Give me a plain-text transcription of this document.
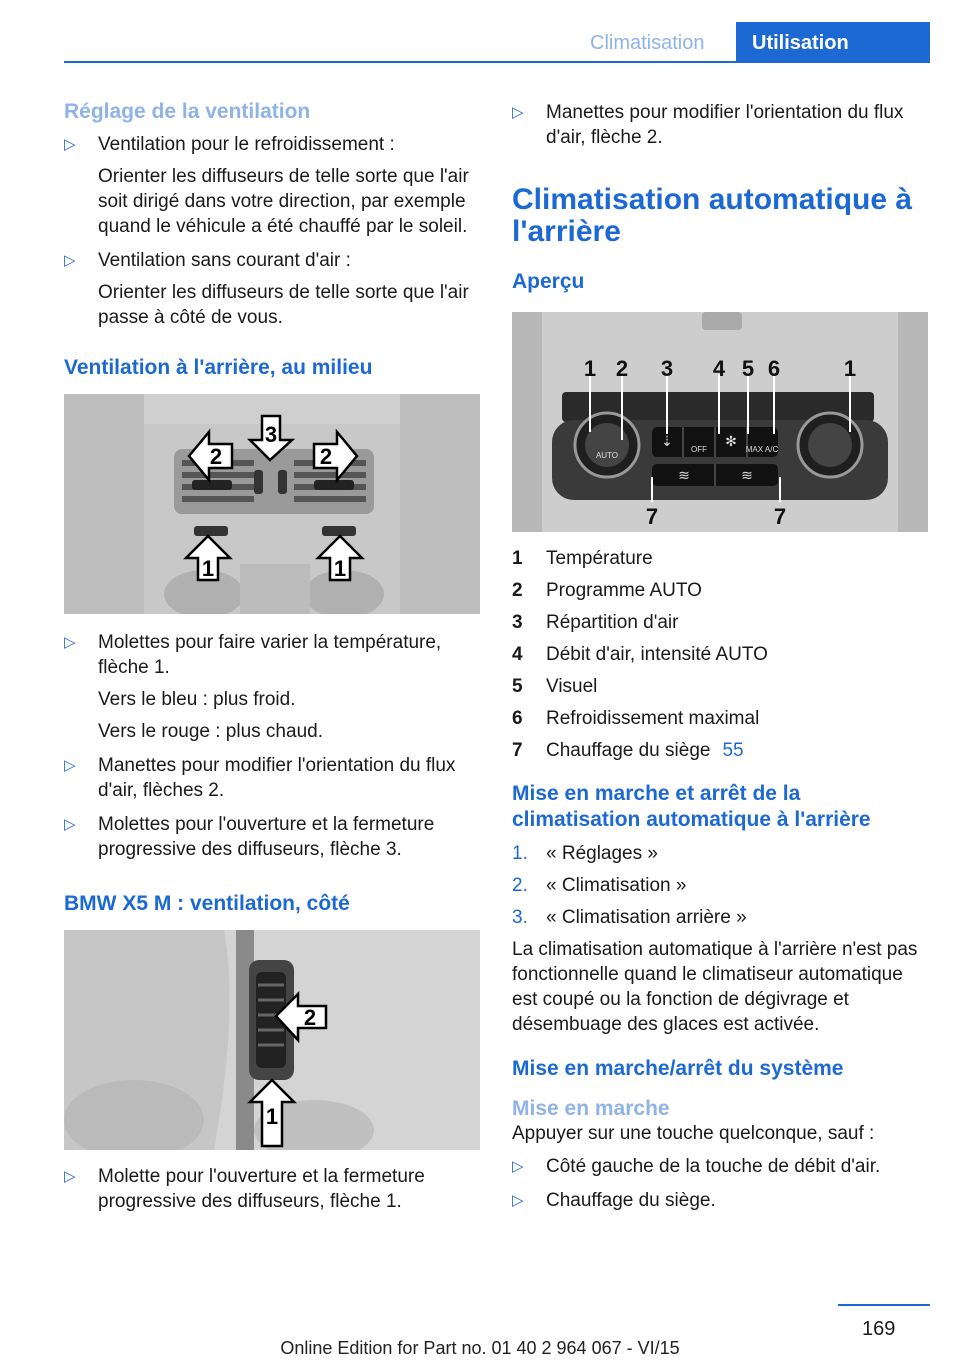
Climatisation	Utilisation
Réglage de la ventilation
▷ Ventilation pour le refroidissement :
Orienter les diffuseurs de telle sorte que l'air soit dirigé dans votre direction, par exemple quand le véhicule a été chauffé par le soleil.
▷ Ventilation sans courant d'air :
Orienter les diffuseurs de telle sorte que l'air passe à côté de vous.
Ventilation à l'arrière, au milieu
2
3
2
1	1
▷ Molettes pour faire varier la température, flèche 1.
Vers le bleu : plus froid.
Vers le rouge : plus chaud.
▷ Manettes pour modifier l'orientation du flux d'air, flèches 2.
▷ Molettes pour l'ouverture et la fermeture progressive des diffuseurs, flèche 3.
BMW X5 M : ventilation, côté
2
1
▷ Molette pour l'ouverture et la fermeture progressive des diffuseurs, flèche 1.
▷ Manettes pour modifier l'orientation du flux d'air, flèche 2.
Climatisation automatique à l'arrière
Aperçu
AUTO
OFF	MAX A/C
⇣	✻
≋	≋
1 2 3 4 5 6	1
7	7
1 Température
2 Programme AUTO
3 Répartition d'air
4 Débit d'air, intensité AUTO
5 Visuel
6 Refroidissement maximal
7 Chauffage du siège 55
Mise en marche et arrêt de la climatisation automatique à l'arrière
1. « Réglages »
2. « Climatisation »
3. « Climatisation arrière »
La climatisation automatique à l'arrière n'est pas fonctionnelle quand le climatiseur automatique est coupé ou la fonction de dégivrage et désembuage des glaces est activée.
Mise en marche/arrêt du système
Mise en marche
Appuyer sur une touche quelconque, sauf :
▷ Côté gauche de la touche de débit d'air.
▷ Chauffage du siège.
169
Online Edition for Part no. 01 40 2 964 067 - VI/15
